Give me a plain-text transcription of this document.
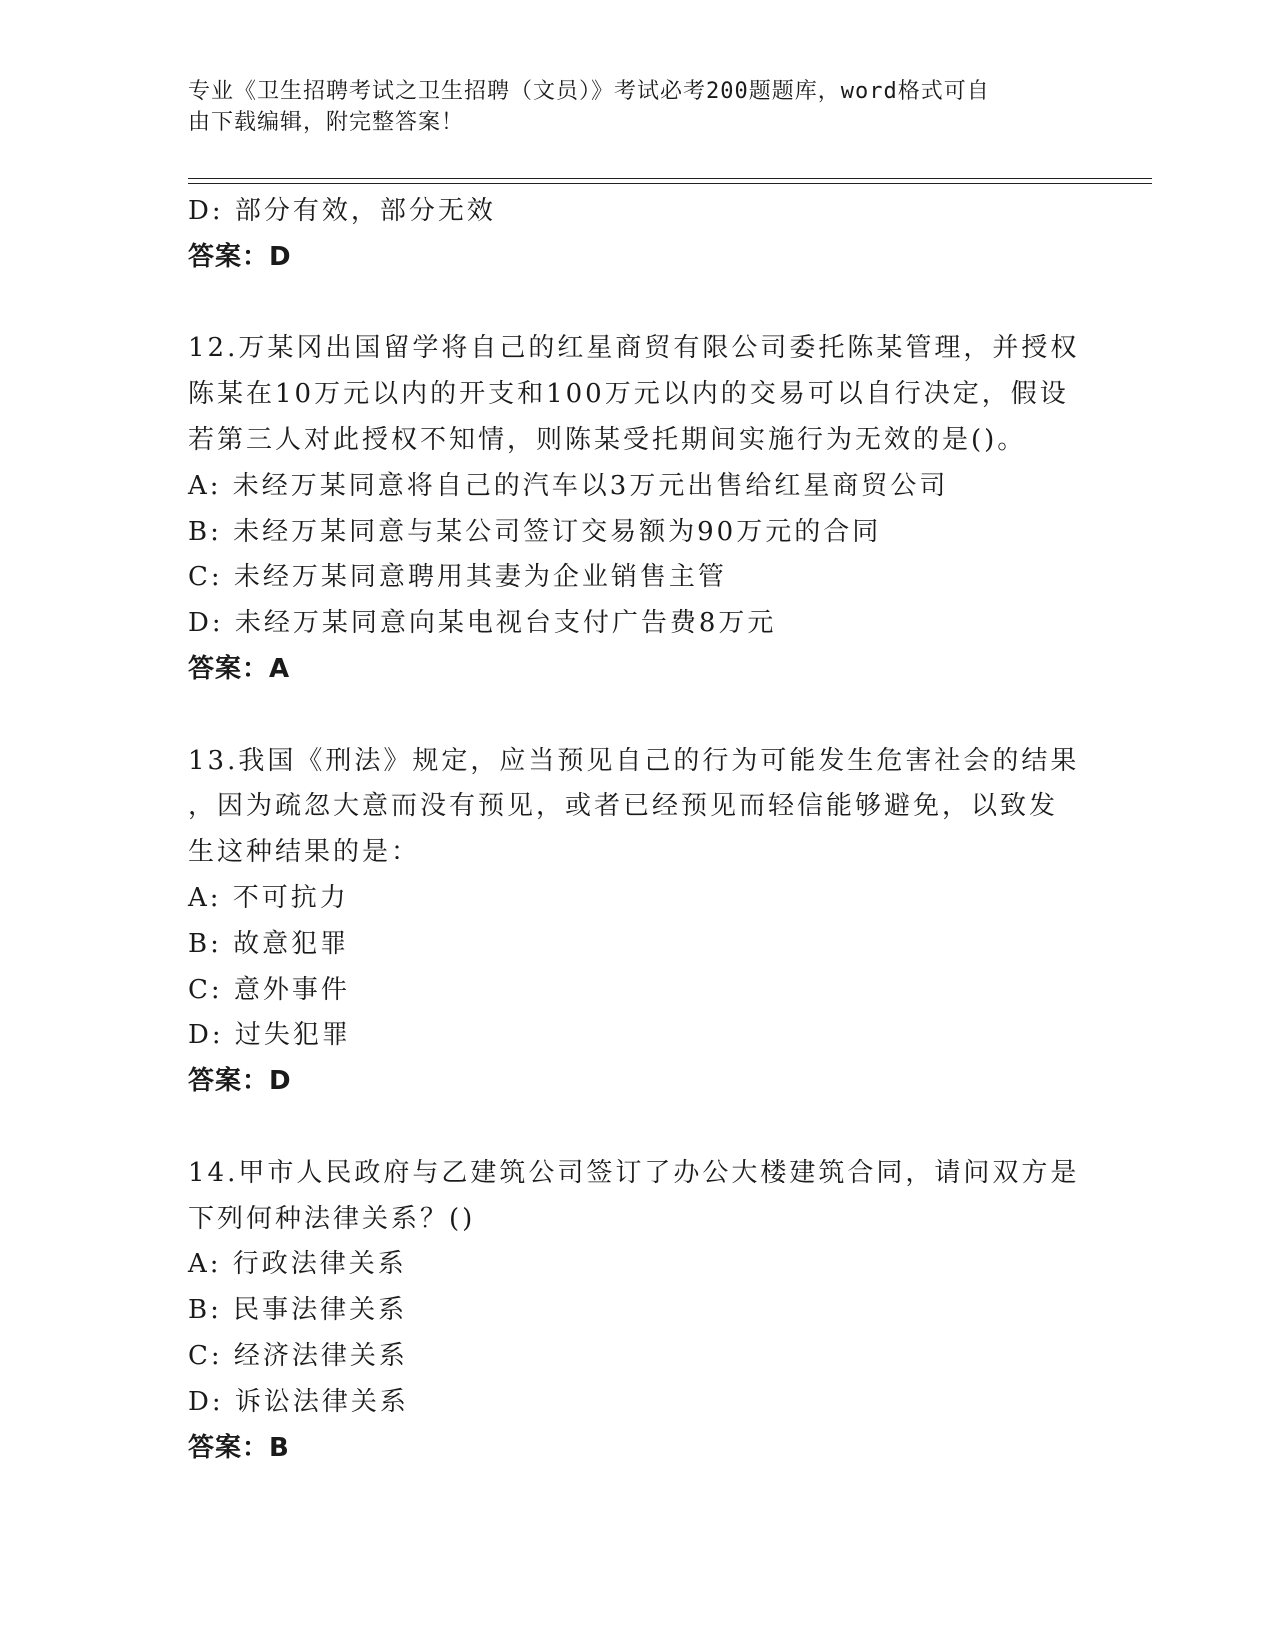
专业《卫生招聘考试之卫生招聘（文员）》考试必考200题题库，word格式可自
由下载编辑，附完整答案！
D: 部分有效，部分无效
答案：D
12.万某冈出国留学将自己的红星商贸有限公司委托陈某管理，并授权
陈某在10万元以内的开支和100万元以内的交易可以自行决定，假设
若第三人对此授权不知情，则陈某受托期间实施行为无效的是()。
A: 未经万某同意将自己的汽车以3万元出售给红星商贸公司
B: 未经万某同意与某公司签订交易额为90万元的合同
C: 未经万某同意聘用其妻为企业销售主管
D: 未经万某同意向某电视台支付广告费8万元
答案：A
13.我国《刑法》规定，应当预见自己的行为可能发生危害社会的结果
，因为疏忽大意而没有预见，或者已经预见而轻信能够避免，以致发
生这种结果的是：
A: 不可抗力
B: 故意犯罪
C: 意外事件
D: 过失犯罪
答案：D
14.甲市人民政府与乙建筑公司签订了办公大楼建筑合同，请问双方是
下列何种法律关系？()
A: 行政法律关系
B: 民事法律关系
C: 经济法律关系
D: 诉讼法律关系
答案：B
